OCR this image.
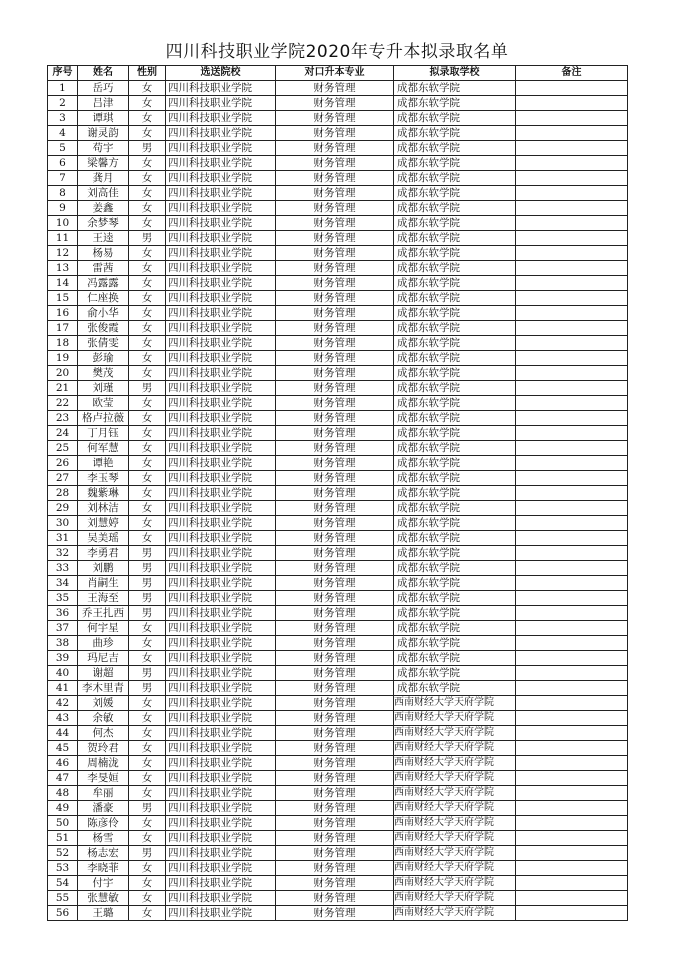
四川科技职业学院2020年专升本拟录取名单
序号	姓名	性别	选送院校	对口升本专业	拟录取学校	备注
1	岳巧	女	四川科技职业学院	财务管理	成都东软学院	
2	吕津	女	四川科技职业学院	财务管理	成都东软学院	
3	谭琪	女	四川科技职业学院	财务管理	成都东软学院	
4	谢灵韵	女	四川科技职业学院	财务管理	成都东软学院	
5	苟宇	男	四川科技职业学院	财务管理	成都东软学院	
6	梁馨方	女	四川科技职业学院	财务管理	成都东软学院	
7	龚月	女	四川科技职业学院	财务管理	成都东软学院	
8	刘高佳	女	四川科技职业学院	财务管理	成都东软学院	
9	姜鑫	女	四川科技职业学院	财务管理	成都东软学院	
10	余梦琴	女	四川科技职业学院	财务管理	成都东软学院	
11	王逵	男	四川科技职业学院	财务管理	成都东软学院	
12	杨易	女	四川科技职业学院	财务管理	成都东软学院	
13	雷茜	女	四川科技职业学院	财务管理	成都东软学院	
14	冯露露	女	四川科技职业学院	财务管理	成都东软学院	
15	仁座换	女	四川科技职业学院	财务管理	成都东软学院	
16	俞小华	女	四川科技职业学院	财务管理	成都东软学院	
17	张俊霞	女	四川科技职业学院	财务管理	成都东软学院	
18	张倩雯	女	四川科技职业学院	财务管理	成都东软学院	
19	彭瑜	女	四川科技职业学院	财务管理	成都东软学院	
20	樊茂	女	四川科技职业学院	财务管理	成都东软学院	
21	刘瑾	男	四川科技职业学院	财务管理	成都东软学院	
22	欧莹	女	四川科技职业学院	财务管理	成都东软学院	
23	格卢拉薇	女	四川科技职业学院	财务管理	成都东软学院	
24	丁月钰	女	四川科技职业学院	财务管理	成都东软学院	
25	何军慧	女	四川科技职业学院	财务管理	成都东软学院	
26	谭艳	女	四川科技职业学院	财务管理	成都东软学院	
27	李玉琴	女	四川科技职业学院	财务管理	成都东软学院	
28	魏紫琳	女	四川科技职业学院	财务管理	成都东软学院	
29	刘林洁	女	四川科技职业学院	财务管理	成都东软学院	
30	刘慧婷	女	四川科技职业学院	财务管理	成都东软学院	
31	吴美瑶	女	四川科技职业学院	财务管理	成都东软学院	
32	李勇君	男	四川科技职业学院	财务管理	成都东软学院	
33	刘鹏	男	四川科技职业学院	财务管理	成都东软学院	
34	肖嗣生	男	四川科技职业学院	财务管理	成都东软学院	
35	王海至	男	四川科技职业学院	财务管理	成都东软学院	
36	乔王扎西	男	四川科技职业学院	财务管理	成都东软学院	
37	何宇星	女	四川科技职业学院	财务管理	成都东软学院	
38	曲珍	女	四川科技职业学院	财务管理	成都东软学院	
39	玛尼吉	女	四川科技职业学院	财务管理	成都东软学院	
40	谢超	男	四川科技职业学院	财务管理	成都东软学院	
41	李木里青	男	四川科技职业学院	财务管理	成都东软学院	
42	刘媛	女	四川科技职业学院	财务管理	西南财经大学天府学院	
43	余敏	女	四川科技职业学院	财务管理	西南财经大学天府学院	
44	何杰	女	四川科技职业学院	财务管理	西南财经大学天府学院	
45	贺玲君	女	四川科技职业学院	财务管理	西南财经大学天府学院	
46	周楠泷	女	四川科技职业学院	财务管理	西南财经大学天府学院	
47	李旻姮	女	四川科技职业学院	财务管理	西南财经大学天府学院	
48	牟丽	女	四川科技职业学院	财务管理	西南财经大学天府学院	
49	潘豪	男	四川科技职业学院	财务管理	西南财经大学天府学院	
50	陈彦伶	女	四川科技职业学院	财务管理	西南财经大学天府学院	
51	杨雪	女	四川科技职业学院	财务管理	西南财经大学天府学院	
52	杨志宏	男	四川科技职业学院	财务管理	西南财经大学天府学院	
53	李晓菲	女	四川科技职业学院	财务管理	西南财经大学天府学院	
54	付宇	女	四川科技职业学院	财务管理	西南财经大学天府学院	
55	张慧敏	女	四川科技职业学院	财务管理	西南财经大学天府学院	
56	王璐	女	四川科技职业学院	财务管理	西南财经大学天府学院	
